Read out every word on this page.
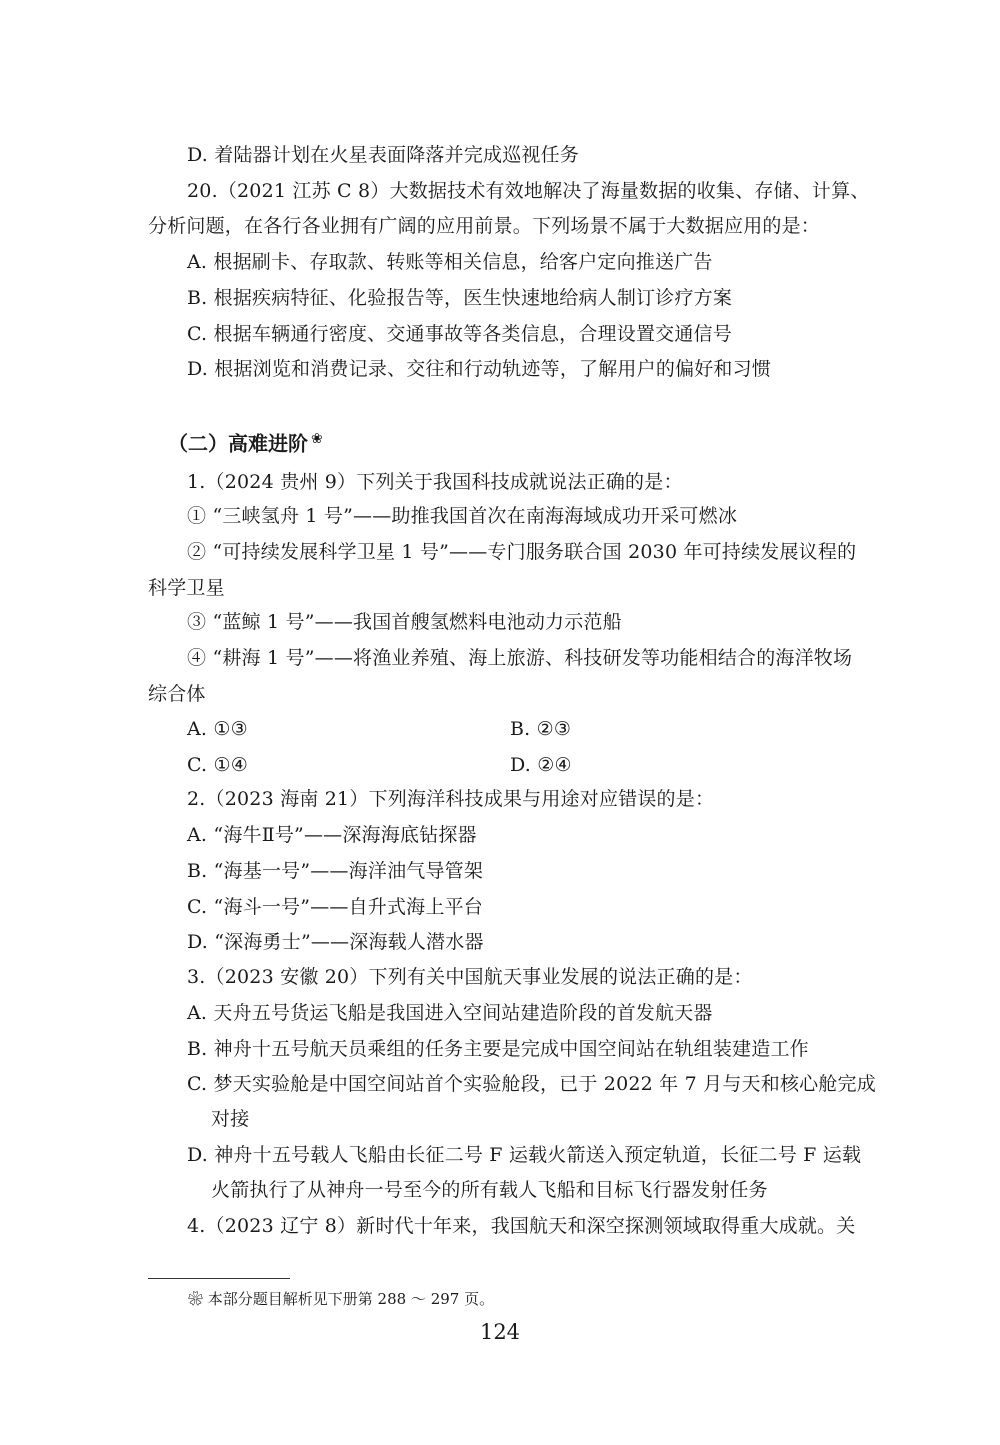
D. 着陆器计划在火星表面降落并完成巡视任务
20.（2021 江苏 C 8）大数据技术有效地解决了海量数据的收集、存储、计算、
分析问题，在各行各业拥有广阔的应用前景。下列场景不属于大数据应用的是：
A. 根据刷卡、存取款、转账等相关信息，给客户定向推送广告
B. 根据疾病特征、化验报告等，医生快速地给病人制订诊疗方案
C. 根据车辆通行密度、交通事故等各类信息，合理设置交通信号
D. 根据浏览和消费记录、交往和行动轨迹等，了解用户的偏好和习惯
（二）高难进阶 ❀
1.（2024 贵州 9）下列关于我国科技成就说法正确的是：
① “三峡氢舟 1 号”——助推我国首次在南海海域成功开采可燃冰
② “可持续发展科学卫星 1 号”——专门服务联合国 2030 年可持续发展议程的
科学卫星
③ “蓝鲸 1 号”——我国首艘氢燃料电池动力示范船
④ “耕海 1 号”——将渔业养殖、海上旅游、科技研发等功能相结合的海洋牧场
综合体
A. ①③	B. ②③
C. ①④	D. ②④
2.（2023 海南 21）下列海洋科技成果与用途对应错误的是：
A. “海牛Ⅱ号”——深海海底钻探器
B. “海基一号”——海洋油气导管架
C. “海斗一号”——自升式海上平台
D. “深海勇士”——深海载人潜水器
3.（2023 安徽 20）下列有关中国航天事业发展的说法正确的是：
A. 天舟五号货运飞船是我国进入空间站建造阶段的首发航天器
B. 神舟十五号航天员乘组的任务主要是完成中国空间站在轨组装建造工作
C. 梦天实验舱是中国空间站首个实验舱段，已于 2022 年 7 月与天和核心舱完成
对接
D. 神舟十五号载人飞船由长征二号 F 运载火箭送入预定轨道，长征二号 F 运载
火箭执行了从神舟一号至今的所有载人飞船和目标飞行器发射任务
4.（2023 辽宁 8）新时代十年来，我国航天和深空探测领域取得重大成就。关
❀ 本部分题目解析见下册第 288 ～ 297 页。
124
